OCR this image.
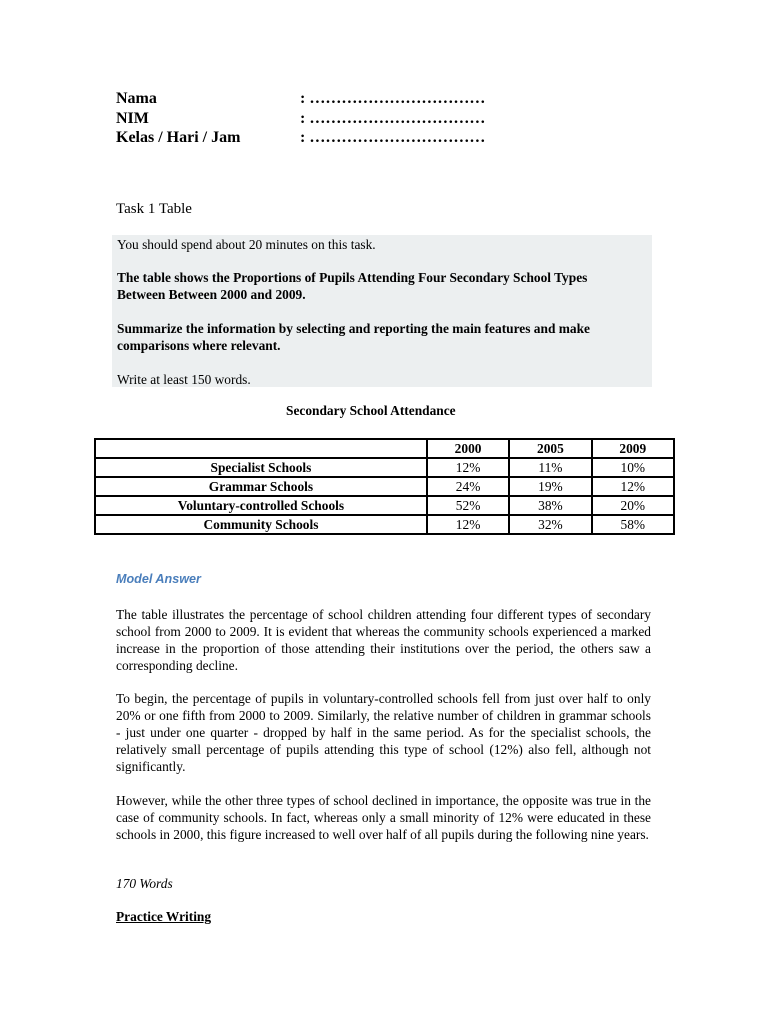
Nama	: ……………………………
NIM	: ……………………………
Kelas / Hari / Jam	: ……………………………
Task 1 Table

You should spend about 20 minutes on this task.

The table shows the Proportions of Pupils Attending Four Secondary School Types Between Between 2000 and 2009.

Summarize the information by selecting and reporting the main features and make comparisons where relevant.

Write at least 150 words.

Secondary School Attendance
	2000	2005	2009
Specialist Schools	12%	11%	10%
Grammar Schools	24%	19%	12%
Voluntary-controlled Schools	52%	38%	20%
Community Schools	12%	32%	58%
Model Answer

The table illustrates the percentage of school children attending four different types of secondary school from 2000 to 2009. It is evident that whereas the community schools experienced a marked increase in the proportion of those attending their institutions over the period, the others saw a corresponding decline.

To begin, the percentage of pupils in voluntary-controlled schools fell from just over half to only 20% or one fifth from 2000 to 2009. Similarly, the relative number of children in grammar schools - just under one quarter - dropped by half in the same period. As for the specialist schools, the relatively small percentage of pupils attending this type of school (12%) also fell, although not significantly.

However, while the other three types of school declined in importance, the opposite was true in the case of community schools. In fact, whereas only a small minority of 12% were educated in these schools in 2000, this figure increased to well over half of all pupils during the following nine years.

170 Words
Practice Writing
